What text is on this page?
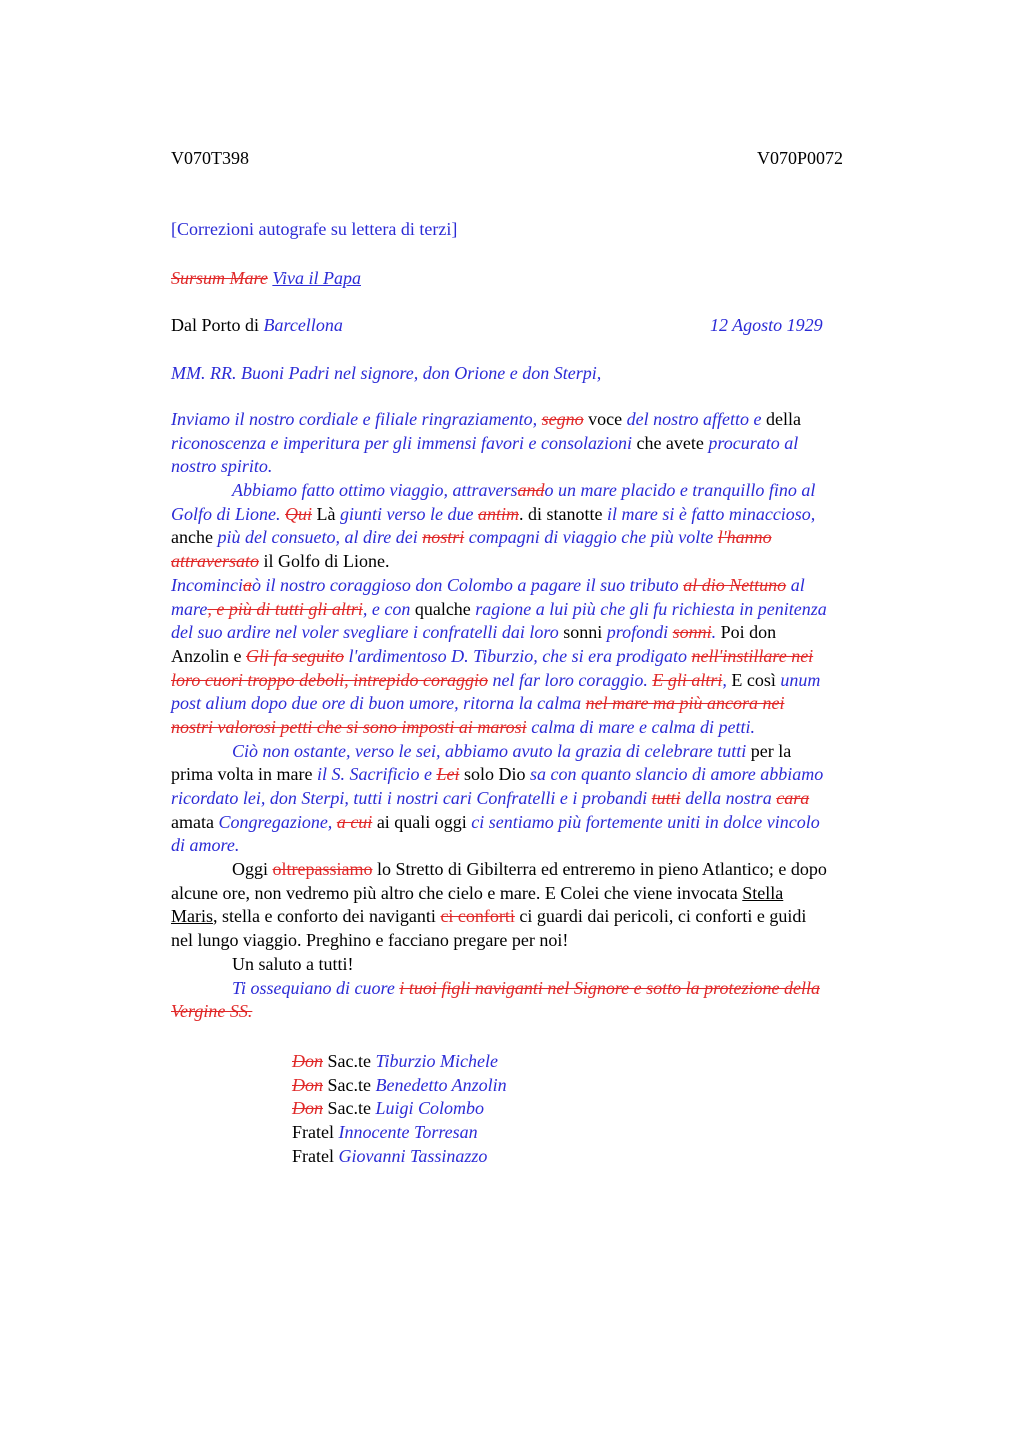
V070T398	V070P0072
[Correzioni autografe su lettera di terzi]
Sursum Mare Viva il Papa
Dal Porto di Barcellona	12 Agosto 1929
MM. RR. Buoni Padri nel signore, don Orione e don Sterpi,
Inviamo il nostro cordiale e filiale ringraziamento, segno voce del nostro affetto e della
riconoscenza e imperitura per gli immensi favori e consolazioni che avete procurato al
nostro spirito.
Abbiamo fatto ottimo viaggio, attraversando un mare placido e tranquillo fino al
Golfo di Lione. Qui Là giunti verso le due antim. di stanotte il mare si è fatto minaccioso,
anche più del consueto, al dire dei nostri compagni di viaggio che più volte l'hanno
attraversato il Golfo di Lione.
Incominciaò il nostro coraggioso don Colombo a pagare il suo tributo al dio Nettuno al
mare, e più di tutti gli altri, e con qualche ragione a lui più che gli fu richiesta in penitenza
del suo ardire nel voler svegliare i confratelli dai loro sonni profondi sonni. Poi don
Anzolin e Gli fa seguito l'ardimentoso D. Tiburzio, che si era prodigato nell'instillare nei
loro cuori troppo deboli, intrepido coraggio nel far loro coraggio. E gli altri, E così unum
post alium dopo due ore di buon umore, ritorna la calma nel mare ma più ancora nei
nostri valorosi petti che si sono imposti ai marosi calma di mare e calma di petti.
Ciò non ostante, verso le sei, abbiamo avuto la grazia di celebrare tutti per la
prima volta in mare il S. Sacrificio e Lei solo Dio sa con quanto slancio di amore abbiamo
ricordato lei, don Sterpi, tutti i nostri cari Confratelli e i probandi tutti della nostra cara
amata Congregazione, a cui ai quali oggi ci sentiamo più fortemente uniti in dolce vincolo
di amore.
Oggi oltrepassiamo lo Stretto di Gibilterra ed entreremo in pieno Atlantico; e dopo
alcune ore, non vedremo più altro che cielo e mare. E Colei che viene invocata Stella
Maris, stella e conforto dei naviganti ci conforti ci guardi dai pericoli, ci conforti e guidi
nel lungo viaggio. Preghino e facciano pregare per noi!
Un saluto a tutti!
Ti ossequiano di cuore i tuoi figli naviganti nel Signore e sotto la protezione della
Vergine SS.
Don Sac.te Tiburzio Michele
Don Sac.te Benedetto Anzolin
Don Sac.te Luigi Colombo
Fratel Innocente Torresan
Fratel Giovanni Tassinazzo
